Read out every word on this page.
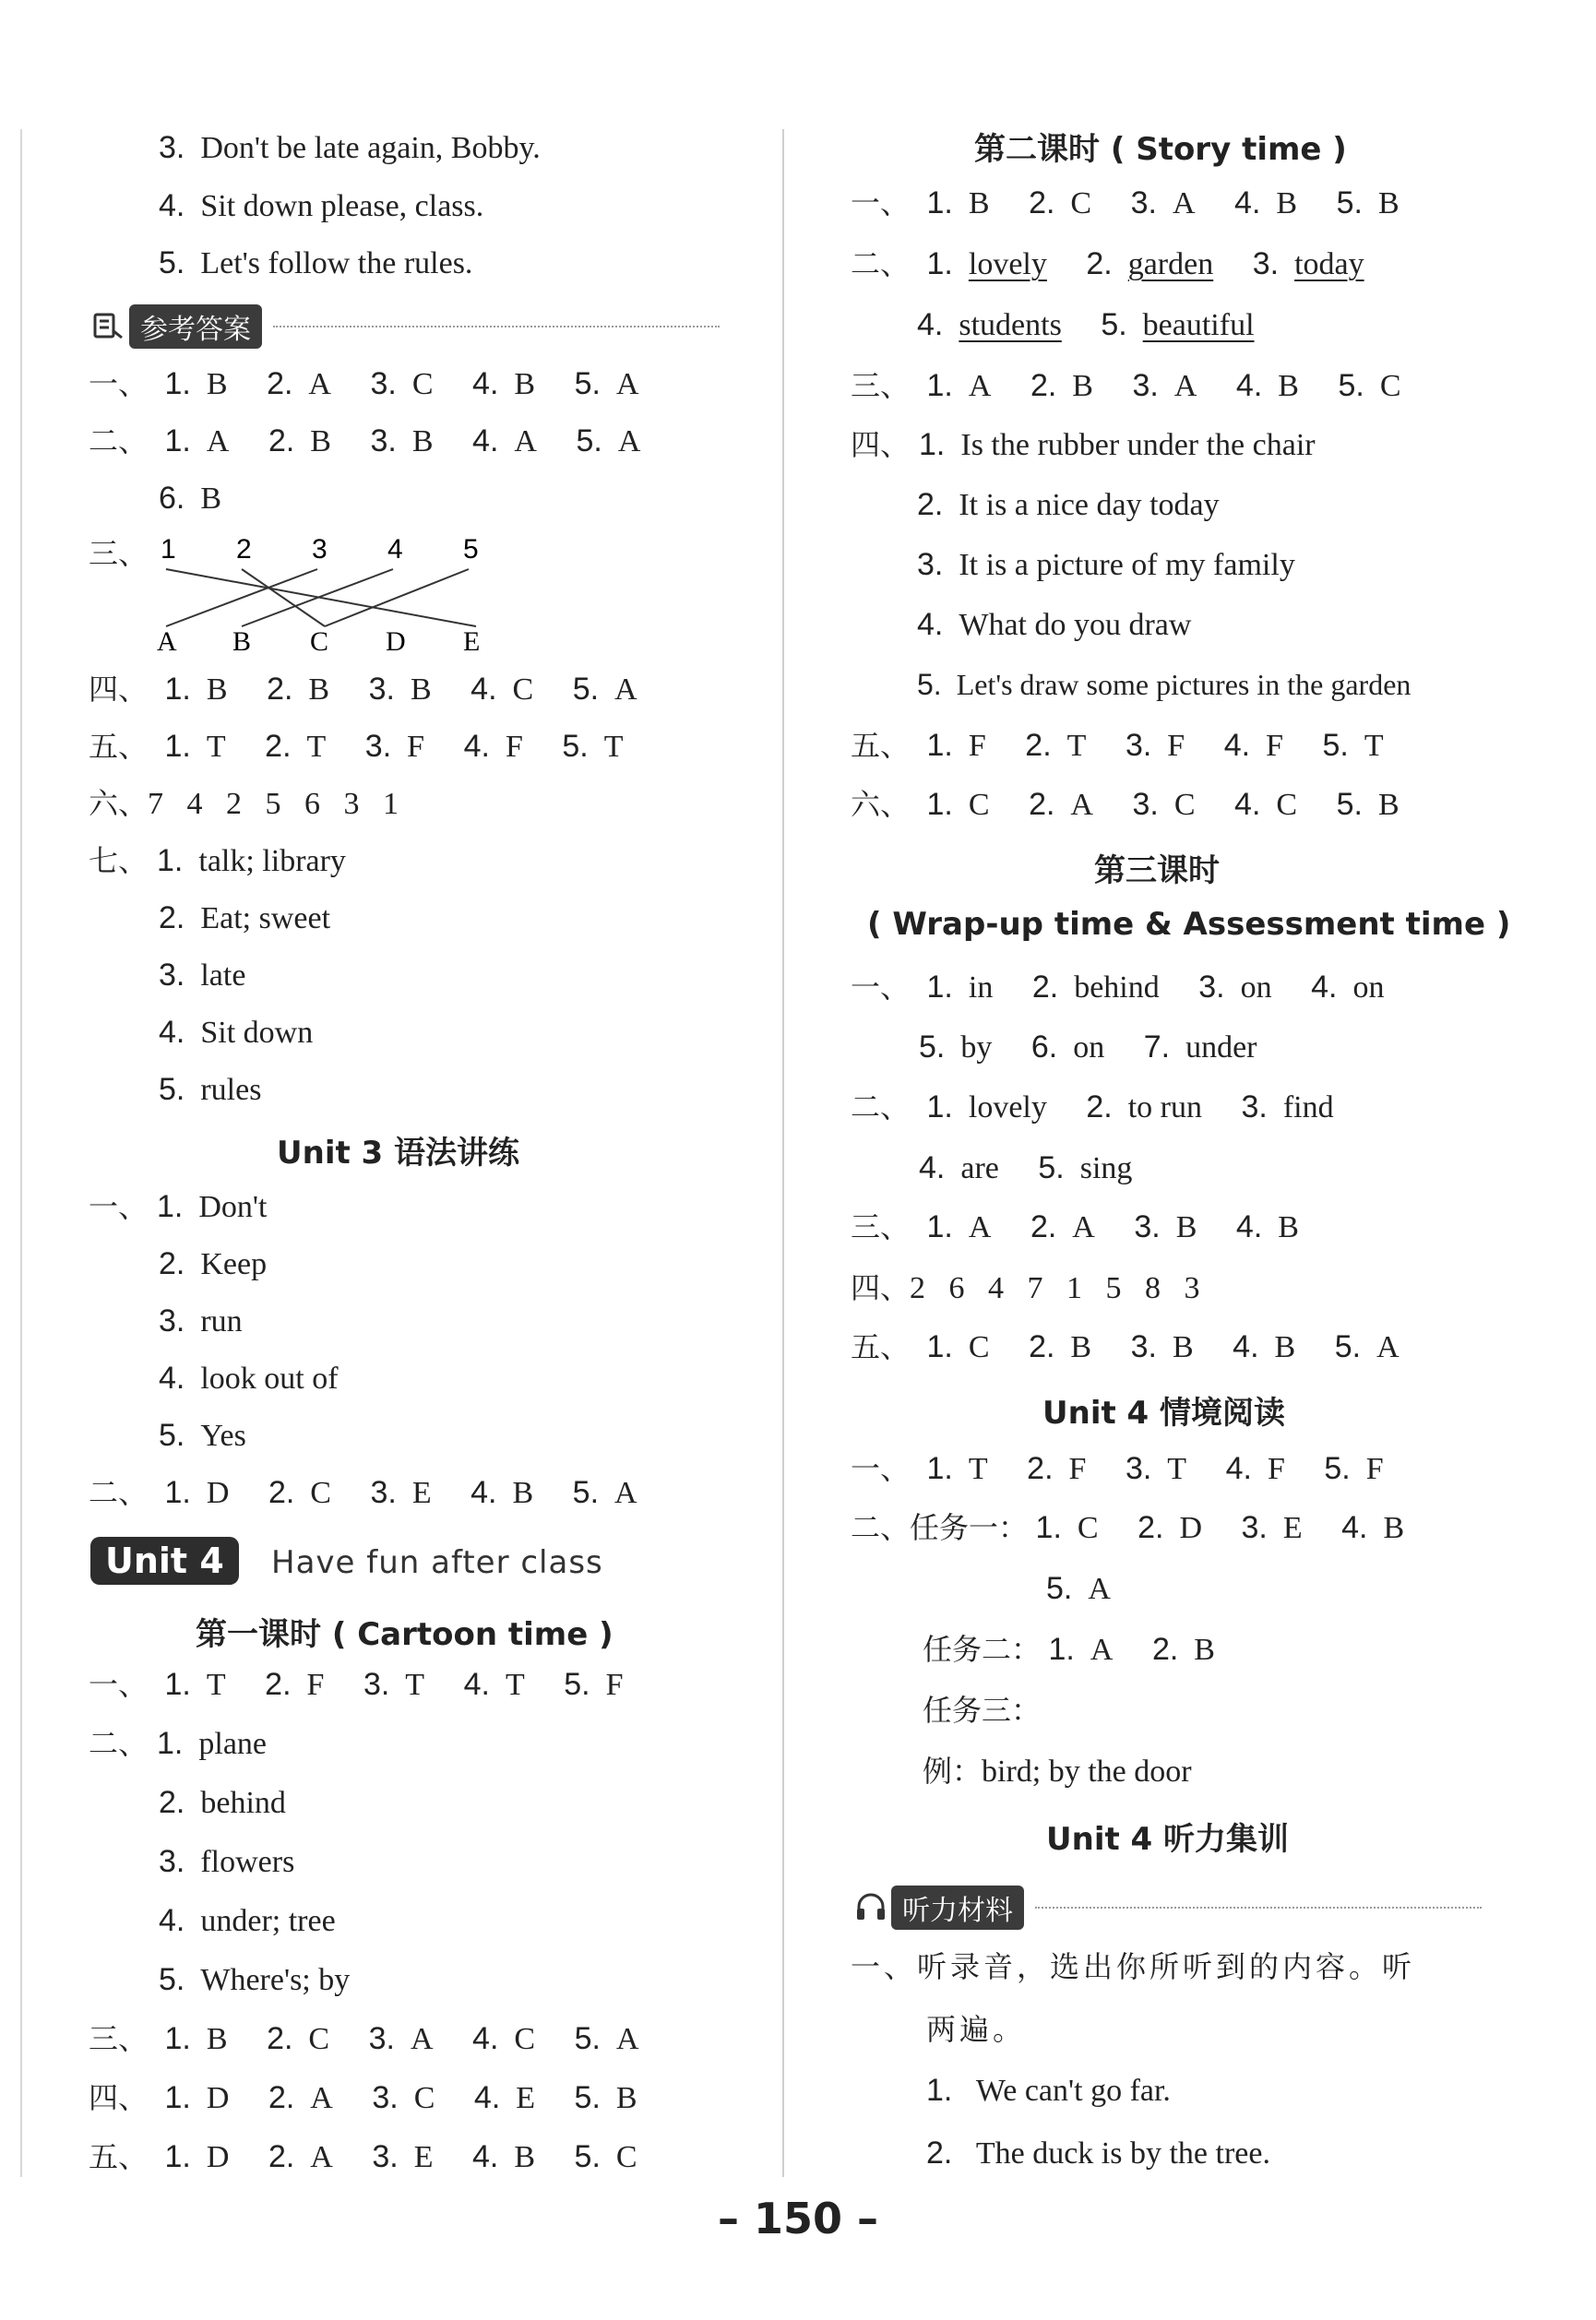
3. Don't be late again, Bobby.
4. Sit down please, class.
5. Let's follow the rules.
参考答案
一、 1. B 2. A 3. C 4. B 5. A
二、 1. A 2. B 3. B 4. A 5. A
6. B
三、 1 2 3 4 5
A B C D E
四、 1. B 2. B 3. B 4. C 5. A
五、 1. T 2. T 3. F 4. F 5. T
六、7   4   2   5   6   3   1
七、 1. talk; library
2. Eat; sweet
3. late
4. Sit down
5. rules
Unit 3 语法讲练
一、 1. Don't
2. Keep
3. run
4. look out of
5. Yes
二、 1. D 2. C 3. E 4. B 5. A
Unit 4	Have fun after class
第一课时 ( Cartoon time )
一、 1. T 2. F 3. T 4. T 5. F
二、 1. plane
2. behind
3. flowers
4. under; tree
5. Where's; by
三、 1. B 2. C 3. A 4. C 5. A
四、 1. D 2. A 3. C 4. E 5. B
五、 1. D 2. A 3. E 4. B 5. C
第二课时 ( Story time )
一、 1. B 2. C 3. A 4. B 5. B
二、 1. lovely 2. garden 3. today
4. students 5. beautiful
三、 1. A 2. B 3. A 4. B 5. C
四、 1. Is the rubber under the chair
2. It is a nice day today
3. It is a picture of my family
4. What do you draw
5. Let's draw some pictures in the garden
五、 1. F 2. T 3. F 4. F 5. T
六、 1. C 2. A 3. C 4. C 5. B
第三课时
( Wrap-up time & Assessment time )
一、 1. in 2. behind 3. on 4. on
5. by 6. on 7. under
二、 1. lovely 2. to run 3. find
4. are 5. sing
三、 1. A 2. A 3. B 4. B
四、2   6   4   7   1   5   8   3
五、 1. C 2. B 3. B 4. B 5. A
Unit 4 情境阅读
一、 1. T 2. F 3. T 4. F 5. F
二、任务一： 1. C 2. D 3. E 4. B
5. A
任务二： 1. A 2. B
任务三：
例：bird; by the door
Unit 4 听力集训
听力材料
一、听录音，选出你所听到的内容。听
两遍。
1. We can't go far.
2. The duck is by the tree.
– 150 –
